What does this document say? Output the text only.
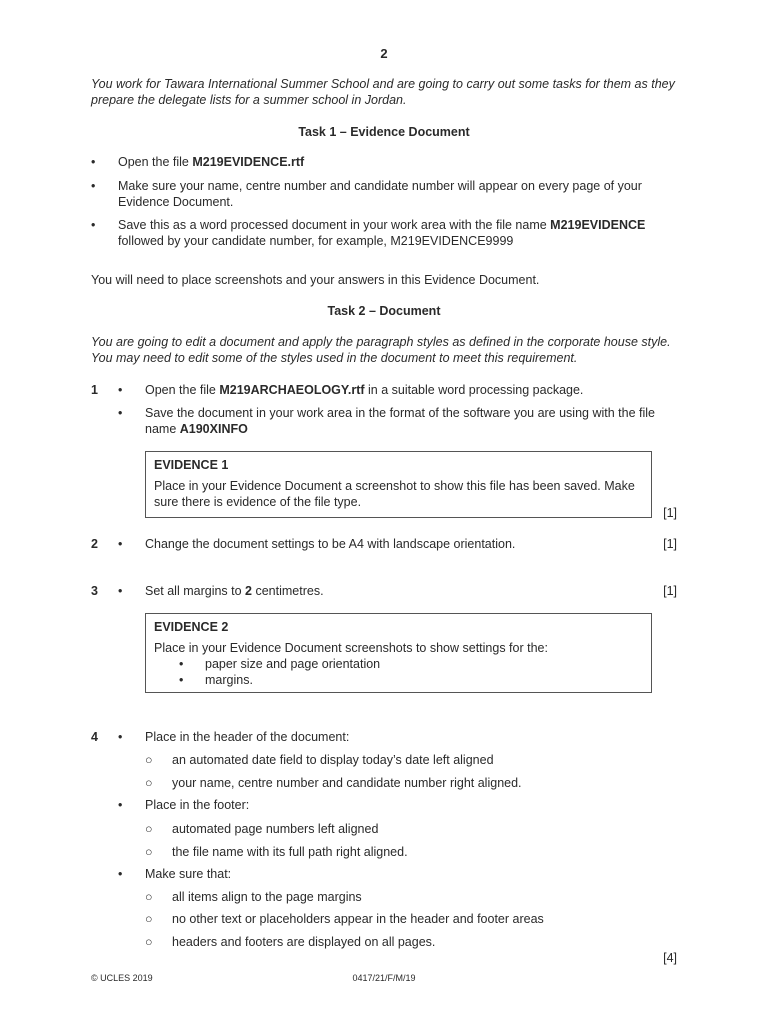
2
You work for Tawara International Summer School and are going to carry out some tasks for them as they prepare the delegate lists for a summer school in Jordan.
Task 1 – Evidence Document
• Open the file M219EVIDENCE.rtf
• Make sure your name, centre number and candidate number will appear on every page of your Evidence Document.
• Save this as a word processed document in your work area with the file name M219EVIDENCE followed by your candidate number, for example, M219EVIDENCE9999
You will need to place screenshots and your answers in this Evidence Document.
Task 2 – Document
You are going to edit a document and apply the paragraph styles as defined in the corporate house style. You may need to edit some of the styles used in the document to meet this requirement.
1 • Open the file M219ARCHAEOLOGY.rtf in a suitable word processing package.
• Save the document in your work area in the format of the software you are using with the file name A190XINFO
EVIDENCE 1
Place in your Evidence Document a screenshot to show this file has been saved. Make sure there is evidence of the file type.
[1]
2 • Change the document settings to be A4 with landscape orientation.	[1]
3 • Set all margins to 2 centimetres.	[1]
EVIDENCE 2
Place in your Evidence Document screenshots to show settings for the:
• paper size and page orientation
• margins.
4 • Place in the header of the document:
○ an automated date field to display today’s date left aligned
○ your name, centre number and candidate number right aligned.
• Place in the footer:
○ automated page numbers left aligned
○ the file name with its full path right aligned.
• Make sure that:
○ all items align to the page margins
○ no other text or placeholders appear in the header and footer areas
○ headers and footers are displayed on all pages.
[4]
© UCLES 2019	0417/21/F/M/19
